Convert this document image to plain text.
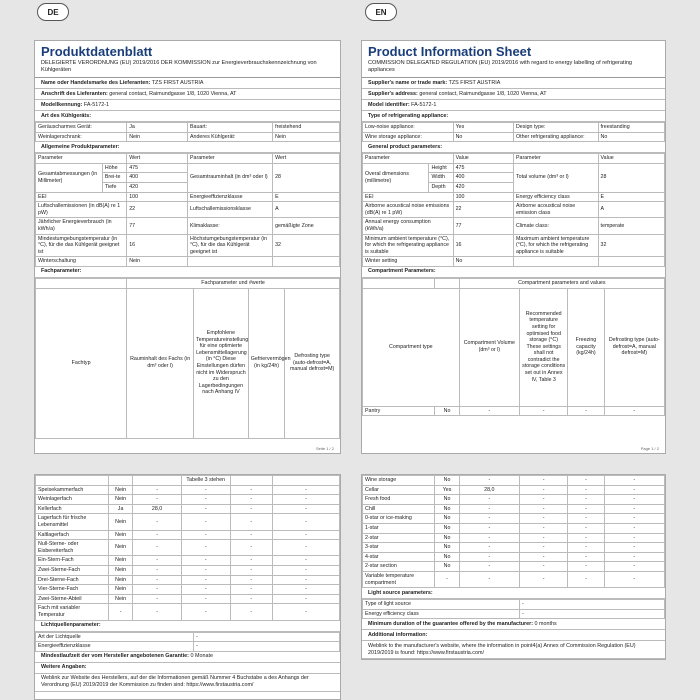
DE	EN
Produktdatenblatt
DELEGIERTE VERORDNUNG (EU) 2019/2016 DER KOMMISSION zur Energieverbrauchskennzeichnung von Kühlgeräten
Name oder Handelsmarke des Lieferanten: TZS FIRST AUSTRIA
Anschrift des Lieferanten: general contact, Raimundgasse 1/8, 1020 Vienna, AT
Modellkennung: FA-5172-1
Art des Kühlgeräts:
Geräuscharmes Gerät:	Ja	Bauart:	freistehend
Weinlagerschrank:	Nein	Anderes Kühlgerät:	Nein
Allgemeine Produktparameter:
Parameter		Wert	Parameter	Wert
Gesamtabmessungen (in Millimeter)	Höhe	475	Gesamtrauminhalt (in dm³ oder l)	28
	Brei-te	400		
	Tiefe	420		
EEI		100	Energieeffizienzklasse	E
Luftschallemissionen (in dB(A) re 1 pW)		22	Luftschallemissionsklasse	A
Jährlicher Energieverbrauch (in kWh/a)		77	Klimaklasse:	gemäßigte Zone
Mindestumgebungstemperatur (in °C), für die das Kühlgerät geeignet ist		16	Höchstumgebungstemperatur (in °C), für die das Kühlgerät geeignet ist	32
Winterschaltung		Nein		
Fachparameter:
	Fachparameter und #werte			
Fachtyp	Rauminhalt des Fachs (in dm³ oder l)	Empfohlene Temperatureinstellung für eine optimierte Lebensmittellagerung (in °C) Diese Einstellungen dürfen nicht im Widerspruch zu den Lagerbedingungen nach Anhang IV	Gefriervermögen (in kg/24h)	Defrosting type (auto-defrost=A, manual defrost=M)
Seite 1 / 2
Product Information Sheet
COMMISSION DELEGATED REGULATION (EU) 2019/2016 with regard to energy labelling of refrigerating appliances
Supplier's name or trade mark: TZS FIRST AUSTRIA
Supplier's address: general contact, Raimundgasse 1/8, 1020 Vienna, AT
Model identifier: FA-5172-1
Type of refrigerating appliance:
Low-noise appliance:	Yes	Design type:	freestanding
Wine storage appliance:	No	Other refrigerating appliance:	No
General product parameters:
Parameter		Value	Parameter	Value
Overal dimensions (millimetre)	Height	475	Total volume (dm³ or l)	28
	Width	400		
	Depth	420		
EEI		100	Energy efficiency class	E
Airborne acoustical noise emissions (dB(A) re 1 pW)		22	Airborne acoustical noise emission class	A
Annual energy consumption (kWh/a)		77	Climate class:	temperate
Minimum ambient temperature (°C), for which the refrigerating appliance is suitable		16	Maximum ambient temperature (°C), for which the refrigerating appliance is suitable	32
Winter setting		No		
Compartment Parameters:
		Compartment parameters and values			
Compartment type		Compartment Volume (dm³ or l)	Recommended temperature setting for optimised food storage (°C) These settings shall not contradict the storage conditions set out in Annex IV, Table 3	Freezing capacity (kg/24h)	Defrosting type (auto-defrost=A, manual defrost=M)
Pantry	No	-	-	-	-
Page 1 / 2
			Tabelle 3 stehen		
Speisekammerfach	Nein	-	-	-	-
Weinlagerfach	Nein	-	-	-	-
Kellerfach	Ja	28,0	-	-	-
Lagerfach für frische Lebensmittel	Nein	-	-	-	-
Kaltlagerfach	Nein	-	-	-	-
Null-Sterne- oder Eisbereiterfach	Nein	-	-	-	-
Ein-Stern-Fach	Nein	-	-	-	-
Zwei-Sterne-Fach	Nein	-	-	-	-
Drei-Sterne-Fach	Nein	-	-	-	-
Vier-Sterne-Fach	Nein	-	-	-	-
Zwei-Sterne-Abteil	Nein	-	-	-	-
Fach mit variabler Temperatur	-	-	-	-	-
Lichtquellenparameter:
Art der Lichtquelle	-
Energieeffizienzklasse	-
Mindestlaufzeit der vom Hersteller angebotenen Garantie: 0 Monate
Weitere Angaben:
Weblink zur Website des Herstellers, auf der die Informationen gemäß Nummer 4 Buchstabe a des Anhangs der Verordnung (EU) 2019/2019 der Kommission zu finden sind: https://www.firstaustria.com/
Wine storage	No	-	-	-	-
Cellar	Yes	28,0	-	-	-
Fresh food	No	-	-	-	-
Chill	No	-	-	-	-
0-star or ice-making	No	-	-	-	-
1-star	No	-	-	-	-
2-star	No	-	-	-	-
3-star	No	-	-	-	-
4-star	No	-	-	-	-
2-star section	No	-	-	-	-
Variable temperature compartment	-	-	-	-	-
Light source parameters:
Type of light source	-
Energy efficiency class	-
Minimum duration of the guarantee offered by the manufacturer: 0 months
Additional information:
Weblink to the manufacturer's website, where the information in point4(a) Annex of Commission Regulation (EU) 2019/2019 is found: https://www.firstaustria.com/
